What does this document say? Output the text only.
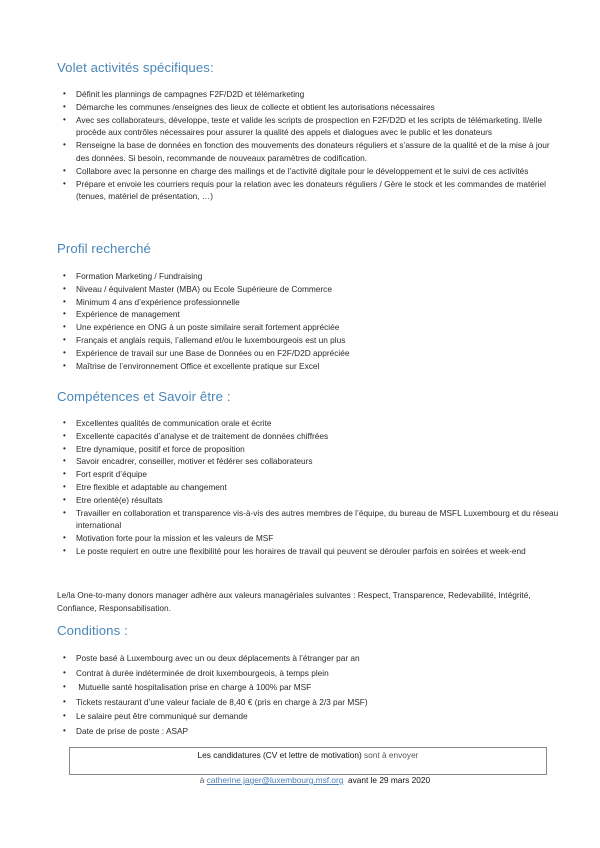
Volet activités spécifiques:
• Définit les plannings de campagnes F2F/D2D et télémarketing
• Démarche les communes /enseignes des lieux de collecte et obtient les autorisations nécessaires
• Avec ses collaborateurs, développe, teste et valide les scripts de prospection en F2F/D2D et les scripts de télémarketing. Il/elle procède aux contrôles nécessaires pour assurer la qualité des appels et dialogues avec le public et les donateurs
• Renseigne la base de données en fonction des mouvements des donateurs réguliers et s’assure de la qualité et de la mise à jour des données. Si besoin, recommande de nouveaux paramètres de codification.
• Collabore avec la personne en charge des mailings et de l’activité digitale pour le développement et le suivi de ces activités
• Prépare et envoie les courriers requis pour la relation avec les donateurs réguliers / Gère le stock et les commandes de matériel (tenues, matériel de présentation, …)
Profil recherché
• Formation Marketing / Fundraising
• Niveau / équivalent Master (MBA) ou Ecole Supérieure de Commerce
• Minimum 4 ans d’expérience professionnelle
• Expérience de management
• Une expérience en ONG à un poste similaire serait fortement appréciée
• Français et anglais requis, l’allemand et/ou le luxembourgeois est un plus
• Expérience de travail sur une Base de Données ou en F2F/D2D appréciée
• Maîtrise de l’environnement Office et excellente pratique sur Excel
Compétences et Savoir être :
• Excellentes qualités de communication orale et écrite
• Excellente capacités d’analyse et de traitement de données chiffrées
• Etre dynamique, positif et force de proposition
• Savoir encadrer, conseiller, motiver et fédérer ses collaborateurs
• Fort esprit d’équipe
• Etre flexible et adaptable au changement
• Etre orienté(e) résultats
• Travailler en collaboration et transparence vis-à-vis des autres membres de l’équipe, du bureau de MSFL Luxembourg et du réseau international
• Motivation forte pour la mission et les valeurs de MSF
• Le poste requiert en outre une flexibilité pour les horaires de travail qui peuvent se dérouler parfois en soirées et week-end
Le/la One-to-many donors manager adhère aux valeurs managériales suivantes : Respect, Transparence, Redevabilité, Intégrité, Confiance, Responsabilisation.
Conditions :
• Poste basé à Luxembourg avec un ou deux déplacements à l’étranger par an
• Contrat à durée indéterminée de droit luxembourgeois, à temps plein
• Mutuelle santé hospitalisation prise en charge à 100% par MSF
• Tickets restaurant d’une valeur faciale de 8,40 € (pris en charge à 2/3 par MSF)
• Le salaire peut être communiqué sur demande
• Date de prise de poste : ASAP
Les candidatures (CV et lettre de motivation) sont à envoyer

à catherine.jager@luxembourg.msf.org  avant le 29 mars 2020
